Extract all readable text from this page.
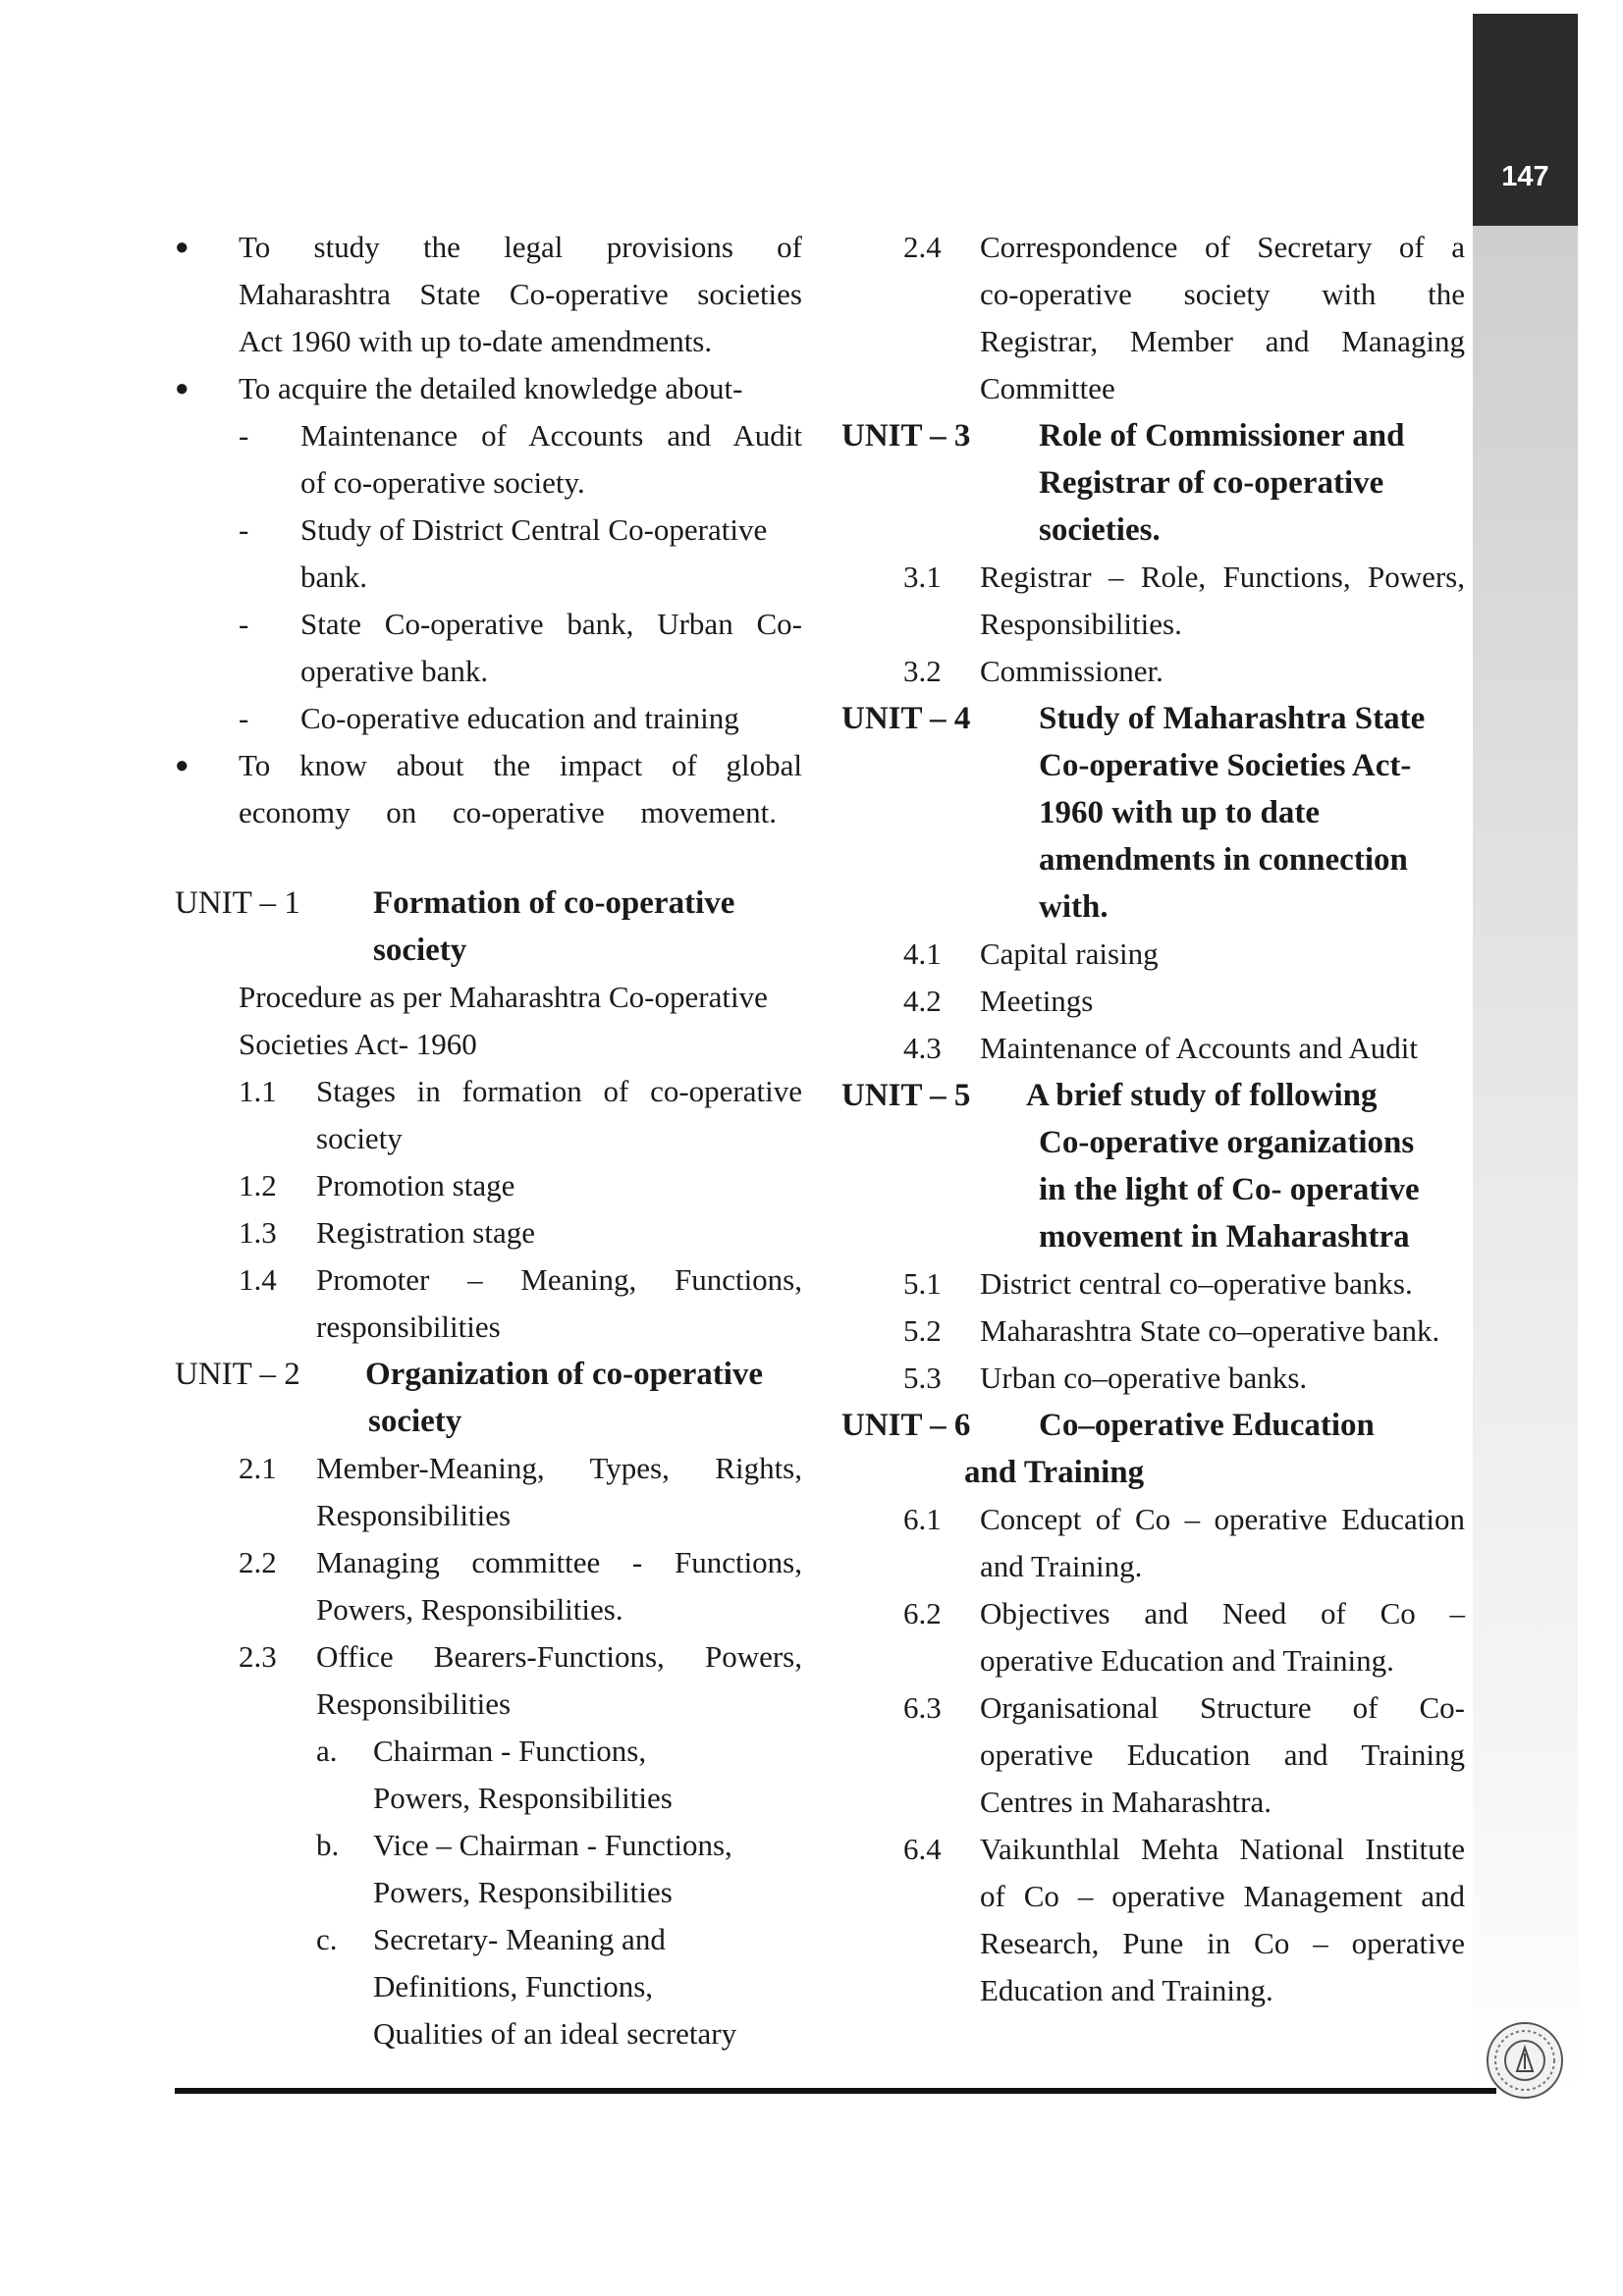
147
● To study the legal provisions of
Maharashtra State Co-operative societies
Act 1960 with up to-date amendments.
● To acquire the detailed knowledge about-
- Maintenance of Accounts and Audit
of co-operative society.
- Study of District Central Co-operative
bank.
- State Co-operative bank, Urban Co-
operative bank.
- Co-operative education and training
● To know about the impact of global
economy on co-operative movement.
UNIT – 1 Formation of co-operative
society
Procedure as per Maharashtra Co-operative
Societies Act- 1960
1.1 Stages in formation of co-operative
society
1.2 Promotion stage
1.3 Registration stage
1.4 Promoter – Meaning, Functions,
responsibilities
UNIT – 2 Organization of co-operative
society
2.1 Member-Meaning, Types, Rights,
Responsibilities
2.2 Managing committee - Functions,
Powers, Responsibilities.
2.3 Office Bearers-Functions, Powers,
Responsibilities
a. Chairman - Functions,
Powers, Responsibilities
b. Vice – Chairman - Functions,
Powers, Responsibilities
c. Secretary- Meaning and
Definitions, Functions,
Qualities of an ideal secretary
2.4 Correspondence of Secretary of a
co-operative society with the
Registrar, Member and Managing
Committee
UNIT – 3 Role of Commissioner and
Registrar of co-operative
societies.
3.1 Registrar – Role, Functions, Powers,
Responsibilities.
3.2 Commissioner.
UNIT – 4 Study of Maharashtra State
Co-operative Societies Act-
1960 with up to date
amendments in connection
with.
4.1 Capital raising
4.2 Meetings
4.3 Maintenance of Accounts and Audit
UNIT – 5 A brief study of following
Co-operative organizations
in the light of Co- operative
movement in Maharashtra
5.1 District central co–operative banks.
5.2 Maharashtra State co–operative bank.
5.3 Urban co–operative banks.
UNIT – 6 Co–operative Education
and Training
6.1 Concept of Co – operative Education
and Training.
6.2 Objectives and Need of Co –
operative Education and Training.
6.3 Organisational Structure of Co-
operative Education and Training
Centres in Maharashtra.
6.4 Vaikunthlal Mehta National Institute
of Co – operative Management and
Research, Pune in Co – operative
Education and Training.
